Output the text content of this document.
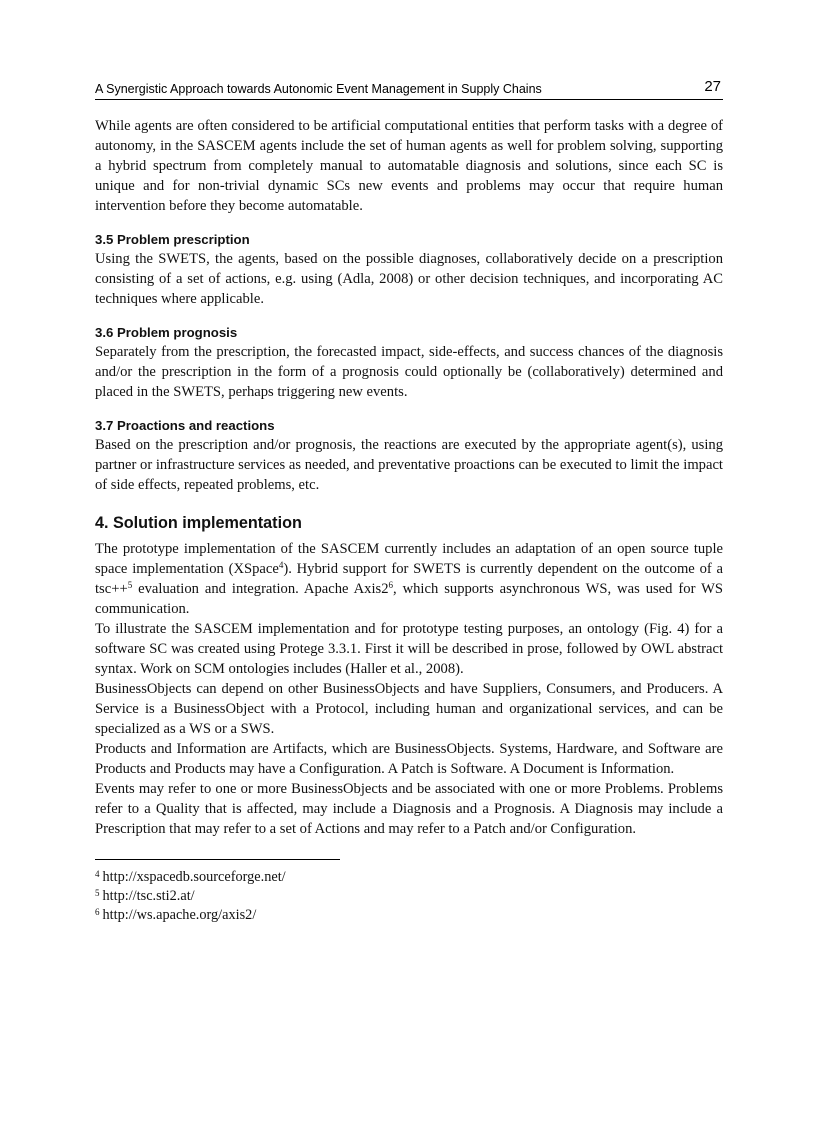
A Synergistic Approach towards Autonomic Event Management in Supply Chains	27

While agents are often considered to be artificial computational entities that perform tasks with a degree of autonomy, in the SASCEM agents include the set of human agents as well for problem solving, supporting a hybrid spectrum from completely manual to automatable diagnosis and solutions, since each SC is unique and for non-trivial dynamic SCs new events and problems may occur that require human intervention before they become automatable.

3.5 Problem prescription

Using the SWETS, the agents, based on the possible diagnoses, collaboratively decide on a prescription consisting of a set of actions, e.g. using (Adla, 2008) or other decision techniques, and incorporating AC techniques where applicable.

3.6 Problem prognosis

Separately from the prescription, the forecasted impact, side-effects, and success chances of the diagnosis and/or the prescription in the form of a prognosis could optionally be (collaboratively) determined and placed in the SWETS, perhaps triggering new events.

3.7 Proactions and reactions

Based on the prescription and/or prognosis, the reactions are executed by the appropriate agent(s), using partner or infrastructure services as needed, and preventative proactions can be executed to limit the impact of side effects, repeated problems, etc.

4. Solution implementation

The prototype implementation of the SASCEM currently includes an adaptation of an open source tuple space implementation (XSpace$^4$). Hybrid support for SWETS is currently dependent on the outcome of a tsc++$^5$ evaluation and integration. Apache $Axis2^6$, which supports asynchronous WS, was used for WS communication.

To illustrate the SASCEM implementation and for prototype testing purposes, an ontology (Fig. 4) for a software SC was created using Protege 3.3.1. First it will be described in prose, followed by OWL abstract syntax. Work on SCM ontologies includes (Haller et al., 2008).

BusinessObjects can depend on other BusinessObjects and have Suppliers, Consumers, and Producers. A Service is a BusinessObject with a Protocol, including human and organizational services, and can be specialized as a WS or a SWS.

Products and Information are Artifacts, which are BusinessObjects. Systems, Hardware, and Software are Products and Products may have a Configuration. A Patch is Software. A Document is Information.

Events may refer to one or more BusinessObjects and be associated with one or more Problems. Problems refer to a Quality that is affected, may include a Diagnosis and a Prognosis. A Diagnosis may include a Prescription that may refer to a set of Actions and may refer to a Patch and/or Configuration.

$^4$ http://xspacedb.sourceforge.net/
$^5$ http://tsc.sti2.at/
$^6$ http://ws.apache.org/axis2/
